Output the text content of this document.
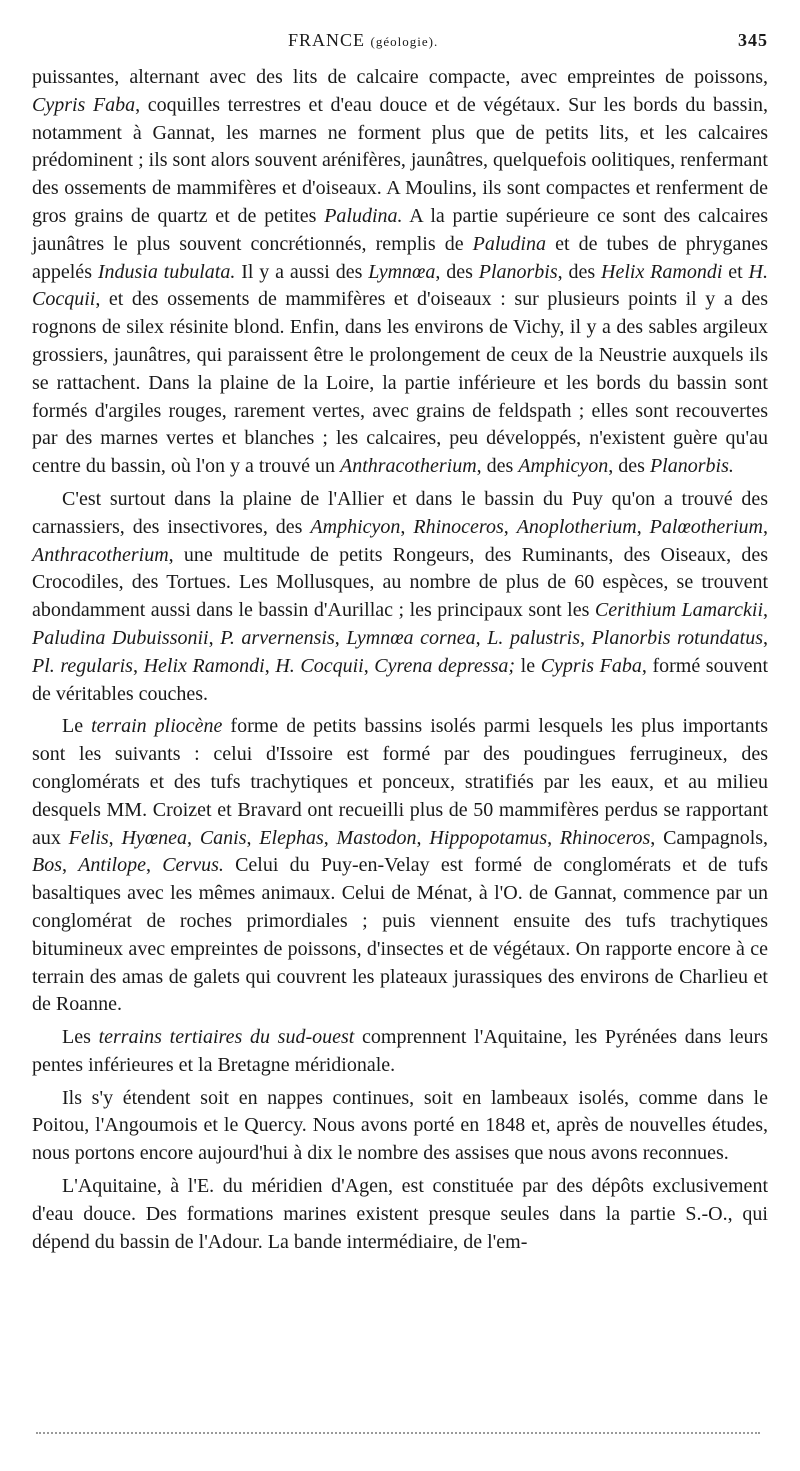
FRANCE (géologie).	345

puissantes, alternant avec des lits de calcaire compacte, avec empreintes de poissons, Cypris Faba, coquilles terrestres et d'eau douce et de végétaux. Sur les bords du bassin, notamment à Gannat, les marnes ne forment plus que de petits lits, et les calcaires prédominent ; ils sont alors souvent arénifères, jaunâtres, quelquefois oolitiques, renfermant des ossements de mammifères et d'oiseaux. A Moulins, ils sont compactes et renferment de gros grains de quartz et de petites Paludina. A la partie supérieure ce sont des calcaires jaunâtres le plus souvent concrétionnés, remplis de Paludina et de tubes de phryganes appelés Indusia tubulata. Il y a aussi des Lymnœa, des Planorbis, des Helix Ramondi et H. Cocquii, et des ossements de mammifères et d'oiseaux : sur plusieurs points il y a des rognons de silex résinite blond. Enfin, dans les environs de Vichy, il y a des sables argileux grossiers, jaunâtres, qui paraissent être le prolongement de ceux de la Neustrie auxquels ils se rattachent. Dans la plaine de la Loire, la partie inférieure et les bords du bassin sont formés d'argiles rouges, rarement vertes, avec grains de feldspath ; elles sont recouvertes par des marnes vertes et blanches ; les calcaires, peu développés, n'existent guère qu'au centre du bassin, où l'on y a trouvé un Anthracotherium, des Amphicyon, des Planorbis.

C'est surtout dans la plaine de l'Allier et dans le bassin du Puy qu'on a trouvé des carnassiers, des insectivores, des Amphicyon, Rhinoceros, Anoplotherium, Palœotherium, Anthracotherium, une multitude de petits Rongeurs, des Ruminants, des Oiseaux, des Crocodiles, des Tortues. Les Mollusques, au nombre de plus de 60 espèces, se trouvent abondamment aussi dans le bassin d'Aurillac ; les principaux sont les Cerithium Lamarckii, Paludina Dubuissonii, P. arvernensis, Lymnœa cornea, L. palustris, Planorbis rotundatus, Pl. regularis, Helix Ramondi, H. Cocquii, Cyrena depressa; le Cypris Faba, formé souvent de véritables couches.

Le terrain pliocène forme de petits bassins isolés parmi lesquels les plus importants sont les suivants : celui d'Issoire est formé par des poudingues ferrugineux, des conglomérats et des tufs trachytiques et ponceux, stratifiés par les eaux, et au milieu desquels MM. Croizet et Bravard ont recueilli plus de 50 mammifères perdus se rapportant aux Felis, Hyœnea, Canis, Elephas, Mastodon, Hippopotamus, Rhinoceros, Campagnols, Bos, Antilope, Cervus. Celui du Puy-en-Velay est formé de conglomérats et de tufs basaltiques avec les mêmes animaux. Celui de Ménat, à l'O. de Gannat, commence par un conglomérat de roches primordiales ; puis viennent ensuite des tufs trachytiques bitumineux avec empreintes de poissons, d'insectes et de végétaux. On rapporte encore à ce terrain des amas de galets qui couvrent les plateaux jurassiques des environs de Charlieu et de Roanne.

Les terrains tertiaires du sud-ouest comprennent l'Aquitaine, les Pyrénées dans leurs pentes inférieures et la Bretagne méridionale.

Ils s'y étendent soit en nappes continues, soit en lambeaux isolés, comme dans le Poitou, l'Angoumois et le Quercy. Nous avons porté en 1848 et, après de nouvelles études, nous portons encore aujourd'hui à dix le nombre des assises que nous avons reconnues.

L'Aquitaine, à l'E. du méridien d'Agen, est constituée par des dépôts exclusivement d'eau douce. Des formations marines existent presque seules dans la partie S.-O., qui dépend du bassin de l'Adour. La bande intermédiaire, de l'em-
